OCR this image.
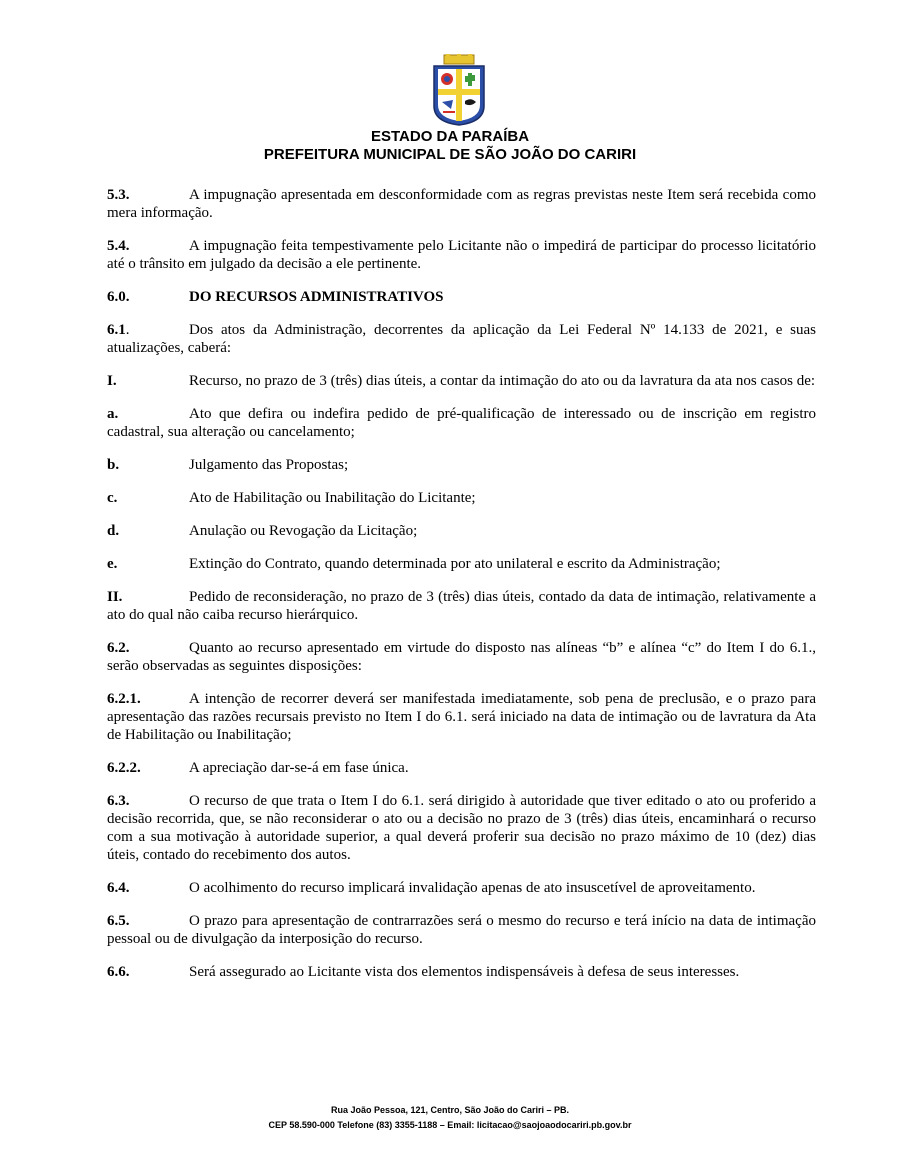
ESTADO DA PARAÍBA
PREFEITURA MUNICIPAL DE SÃO JOÃO DO CARIRI

5.3.	A impugnação apresentada em desconformidade com as regras previstas neste Item será recebida como mera informação.

5.4.	A impugnação feita tempestivamente pelo Licitante não o impedirá de participar do processo licitatório até o trânsito em julgado da decisão a ele pertinente.

6.0.	DO RECURSOS ADMINISTRATIVOS

6.1.	Dos atos da Administração, decorrentes da aplicação da Lei Federal Nº 14.133 de 2021, e suas atualizações, caberá:

I.	Recurso, no prazo de 3 (três) dias úteis, a contar da intimação do ato ou da lavratura da ata nos casos de:

a.	Ato que defira ou indefira pedido de pré-qualificação de interessado ou de inscrição em registro cadastral, sua alteração ou cancelamento;

b.	Julgamento das Propostas;

c.	Ato de Habilitação ou Inabilitação do Licitante;

d.	Anulação ou Revogação da Licitação;

e.	Extinção do Contrato, quando determinada por ato unilateral e escrito da Administração;

II.	Pedido de reconsideração, no prazo de 3 (três) dias úteis, contado da data de intimação, relativamente a ato do qual não caiba recurso hierárquico.

6.2.	Quanto ao recurso apresentado em virtude do disposto nas alíneas “b” e alínea “c” do Item I do 6.1., serão observadas as seguintes disposições:

6.2.1.	A intenção de recorrer deverá ser manifestada imediatamente, sob pena de preclusão, e o prazo para apresentação das razões recursais previsto no Item I do 6.1. será iniciado na data de intimação ou de lavratura da Ata de Habilitação ou Inabilitação;

6.2.2.	A apreciação dar-se-á em fase única.

6.3.	O recurso de que trata o Item I do 6.1. será dirigido à autoridade que tiver editado o ato ou proferido a decisão recorrida, que, se não reconsiderar o ato ou a decisão no prazo de 3 (três) dias úteis, encaminhará o recurso com a sua motivação à autoridade superior, a qual deverá proferir sua decisão no prazo máximo de 10 (dez) dias úteis, contado do recebimento dos autos.

6.4.	O acolhimento do recurso implicará invalidação apenas de ato insuscetível de aproveitamento.

6.5.	O prazo para apresentação de contrarrazões será o mesmo do recurso e terá início na data de intimação pessoal ou de divulgação da interposição do recurso.

6.6.	Será assegurado ao Licitante vista dos elementos indispensáveis à defesa de seus interesses.

Rua João Pessoa, 121, Centro, São João do Cariri – PB.
CEP 58.590-000 Telefone (83) 3355-1188 – Email: licitacao@saojoaodocariri.pb.gov.br
